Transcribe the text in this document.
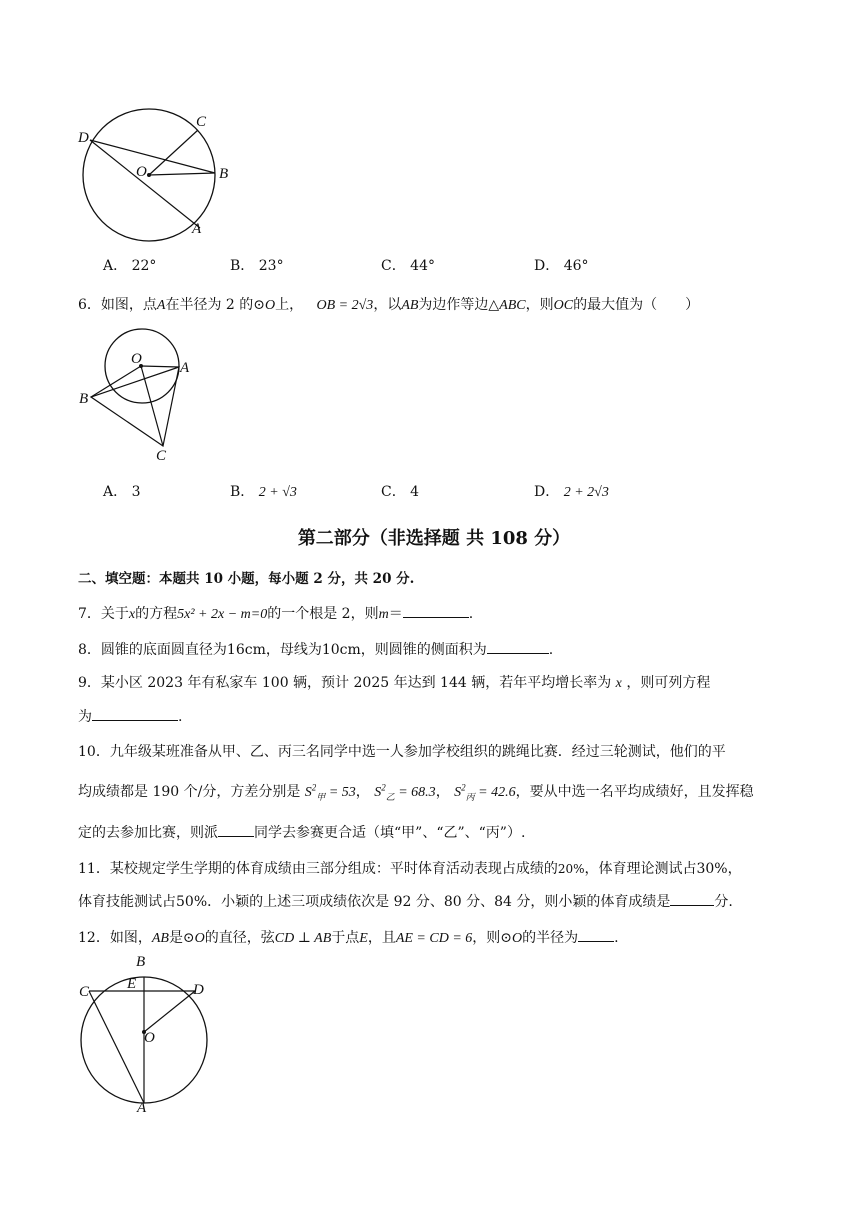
D
C
O	B
A
A． 22°	B． 23°	C． 44°	D． 46°
6．如图，点A在半径为 2 的⊙O上， OB = 2√3，以AB为边作等边△ABC，则OC的最大值为（　　）
O
A
B
C
A． 3	B． 2 + √3	C． 4	D． 2 + 2√3
第二部分（非选择题 共 108 分）
二、填空题：本题共 10 小题，每小题 2 分，共 20 分.
7．关于x的方程5x² + 2x − m=0的一个根是 2，则m＝	.
8．圆锥的底面圆直径为16cm，母线为10cm，则圆锥的侧面积为	.
9．某小区 2023 年有私家车 100 辆，预计 2025 年达到 144 辆，若年平均增长率为 x ，则可列方程
为	.
10．九年级某班准备从甲、乙、丙三名同学中选一人参加学校组织的跳绳比赛．经过三轮测试，他们的平
均成绩都是 190 个/分，方差分别是 $S^2_甲 = 53$， $S^2_乙 = 68.3$， $S^2_丙 = 42.6$，要从中选一名平均成绩好，且发挥稳
定的去参加比赛，则派	同学去参赛更合适（填“甲”、“乙”、“丙”）.
11．某校规定学生学期的体育成绩由三部分组成：平时体育活动表现占成绩的20%，体育理论测试占30%，
体育技能测试占50%．小颖的上述三项成绩依次是 92 分、80 分、84 分，则小颖的体育成绩是	分.
12．如图，AB是⊙O的直径，弦CD ⊥ AB于点E，且AE = CD = 6，则⊙O的半径为	.
B
C	E	D
O
A
